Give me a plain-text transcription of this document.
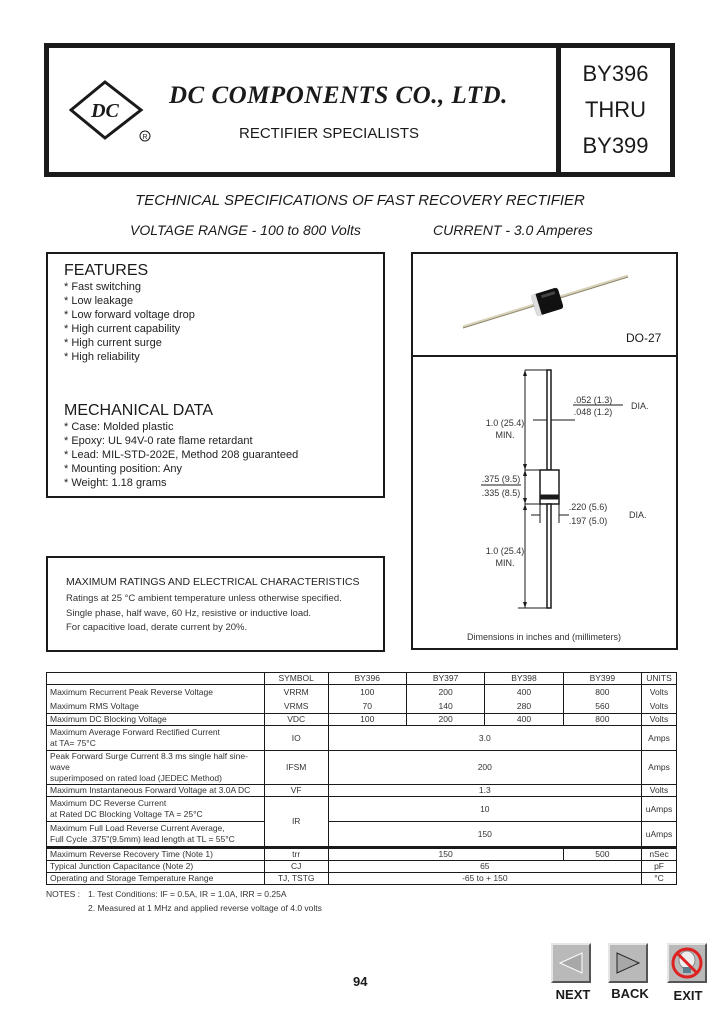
DC
R
DC COMPONENTS CO., LTD.
RECTIFIER SPECIALISTS
BY396
THRU
BY399
TECHNICAL SPECIFICATIONS OF FAST RECOVERY RECTIFIER
VOLTAGE RANGE - 100 to 800 Volts	CURRENT - 3.0 Amperes

FEATURES

* Fast switching
* Low leakage
* Low forward voltage drop
* High current capability
* High current surge
* High reliability

MECHANICAL DATA

* Case: Molded plastic
* Epoxy: UL 94V-0 rate flame retardant
* Lead: MIL-STD-202E, Method 208 guaranteed
* Mounting position: Any
* Weight: 1.18 grams
DO-27
1.0 (25.4)
MIN.
.052 (1.3)
.048 (1.2)
DIA.
.375 (9.5)
.335 (8.5)
.220 (5.6)
.197 (5.0)
DIA.
1.0 (25.4)
MIN.
Dimensions in inches and (millimeters)
MAXIMUM RATINGS AND ELECTRICAL CHARACTERISTICS
Ratings at 25 °C ambient temperature unless otherwise specified.
Single phase, half wave, 60 Hz, resistive or inductive load.
For capacitive load, derate current by 20%.
	SYMBOL	BY396	BY397	BY398	BY399	UNITS
Maximum Recurrent Peak Reverse Voltage	VRRM	100	200	400	800	Volts
Maximum RMS Voltage	VRMS	70	140	280	560	Volts
Maximum DC Blocking Voltage	VDC	100	200	400	800	Volts

Maximum Average Forward Rectified Current
at TA= 75°C	IO	3.0				Amps

Peak Forward Surge Current 8.3 ms single half sine-wave
superimposed on rated load (JEDEC Method)	IFSM	200				Amps
Maximum Instantaneous Forward Voltage at 3.0A DC	VF	1.3				Volts

Maximum DC Reverse Current
at Rated DC Blocking Voltage TA = 25°C	IR	10				uAmps

Maximum Full Load Reverse Current Average,
Full Cycle .375"(9.5mm) lead length at TL = 55°C		150				uAmps
Maximum Reverse Recovery Time (Note 1)	trr	150			500	nSec
Typical Junction Capacitance (Note 2)	CJ	65				pF
Operating and Storage Temperature Range	TJ, TSTG	-65 to + 150				°C
NOTES : 1. Test Conditions: IF = 0.5A, IR = 1.0A, IRR = 0.25A
2. Measured at 1 MHz and applied reverse voltage of 4.0 volts
94
NEXT	BACK	EXIT
